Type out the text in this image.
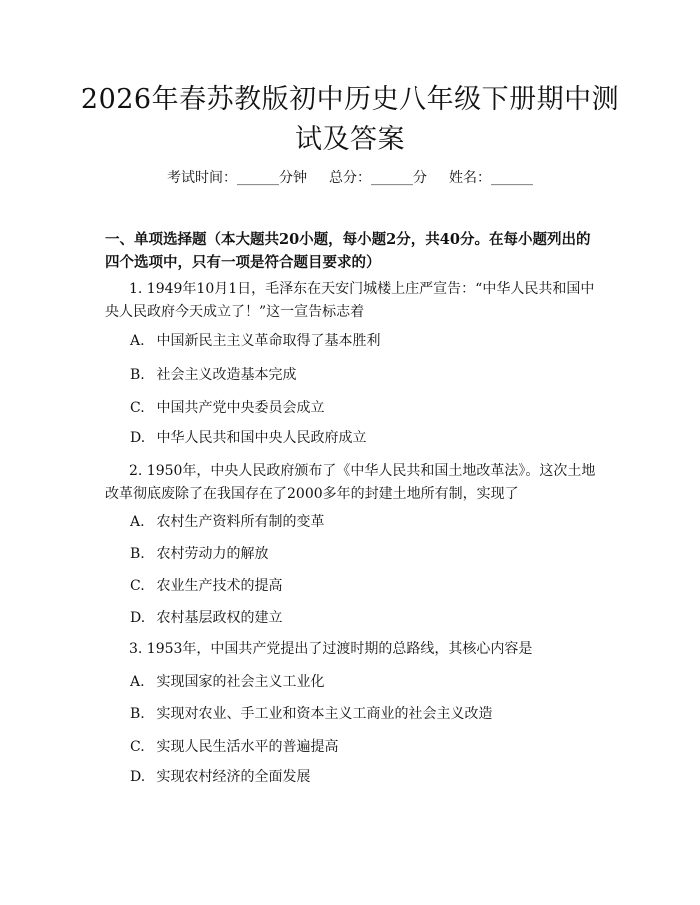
2026年春苏教版初中历史八年级下册期中测试及答案
考试时间：______分钟 总分：______分 姓名：______
一、单项选择题（本大题共20小题，每小题2分，共40分。在每小题列出的四个选项中，只有一项是符合题目要求的）
1. 1949年10月1日，毛泽东在天安门城楼上庄严宣告：“中华人民共和国中央人民政府今天成立了！”这一宣告标志着
A. 中国新民主主义革命取得了基本胜利
B. 社会主义改造基本完成
C. 中国共产党中央委员会成立
D. 中华人民共和国中央人民政府成立
2. 1950年，中央人民政府颁布了《中华人民共和国土地改革法》。这次土地改革彻底废除了在我国存在了2000多年的封建土地所有制，实现了
A. 农村生产资料所有制的变革
B. 农村劳动力的解放
C. 农业生产技术的提高
D. 农村基层政权的建立
3. 1953年，中国共产党提出了过渡时期的总路线，其核心内容是
A. 实现国家的社会主义工业化
B. 实现对农业、手工业和资本主义工商业的社会主义改造
C. 实现人民生活水平的普遍提高
D. 实现农村经济的全面发展
